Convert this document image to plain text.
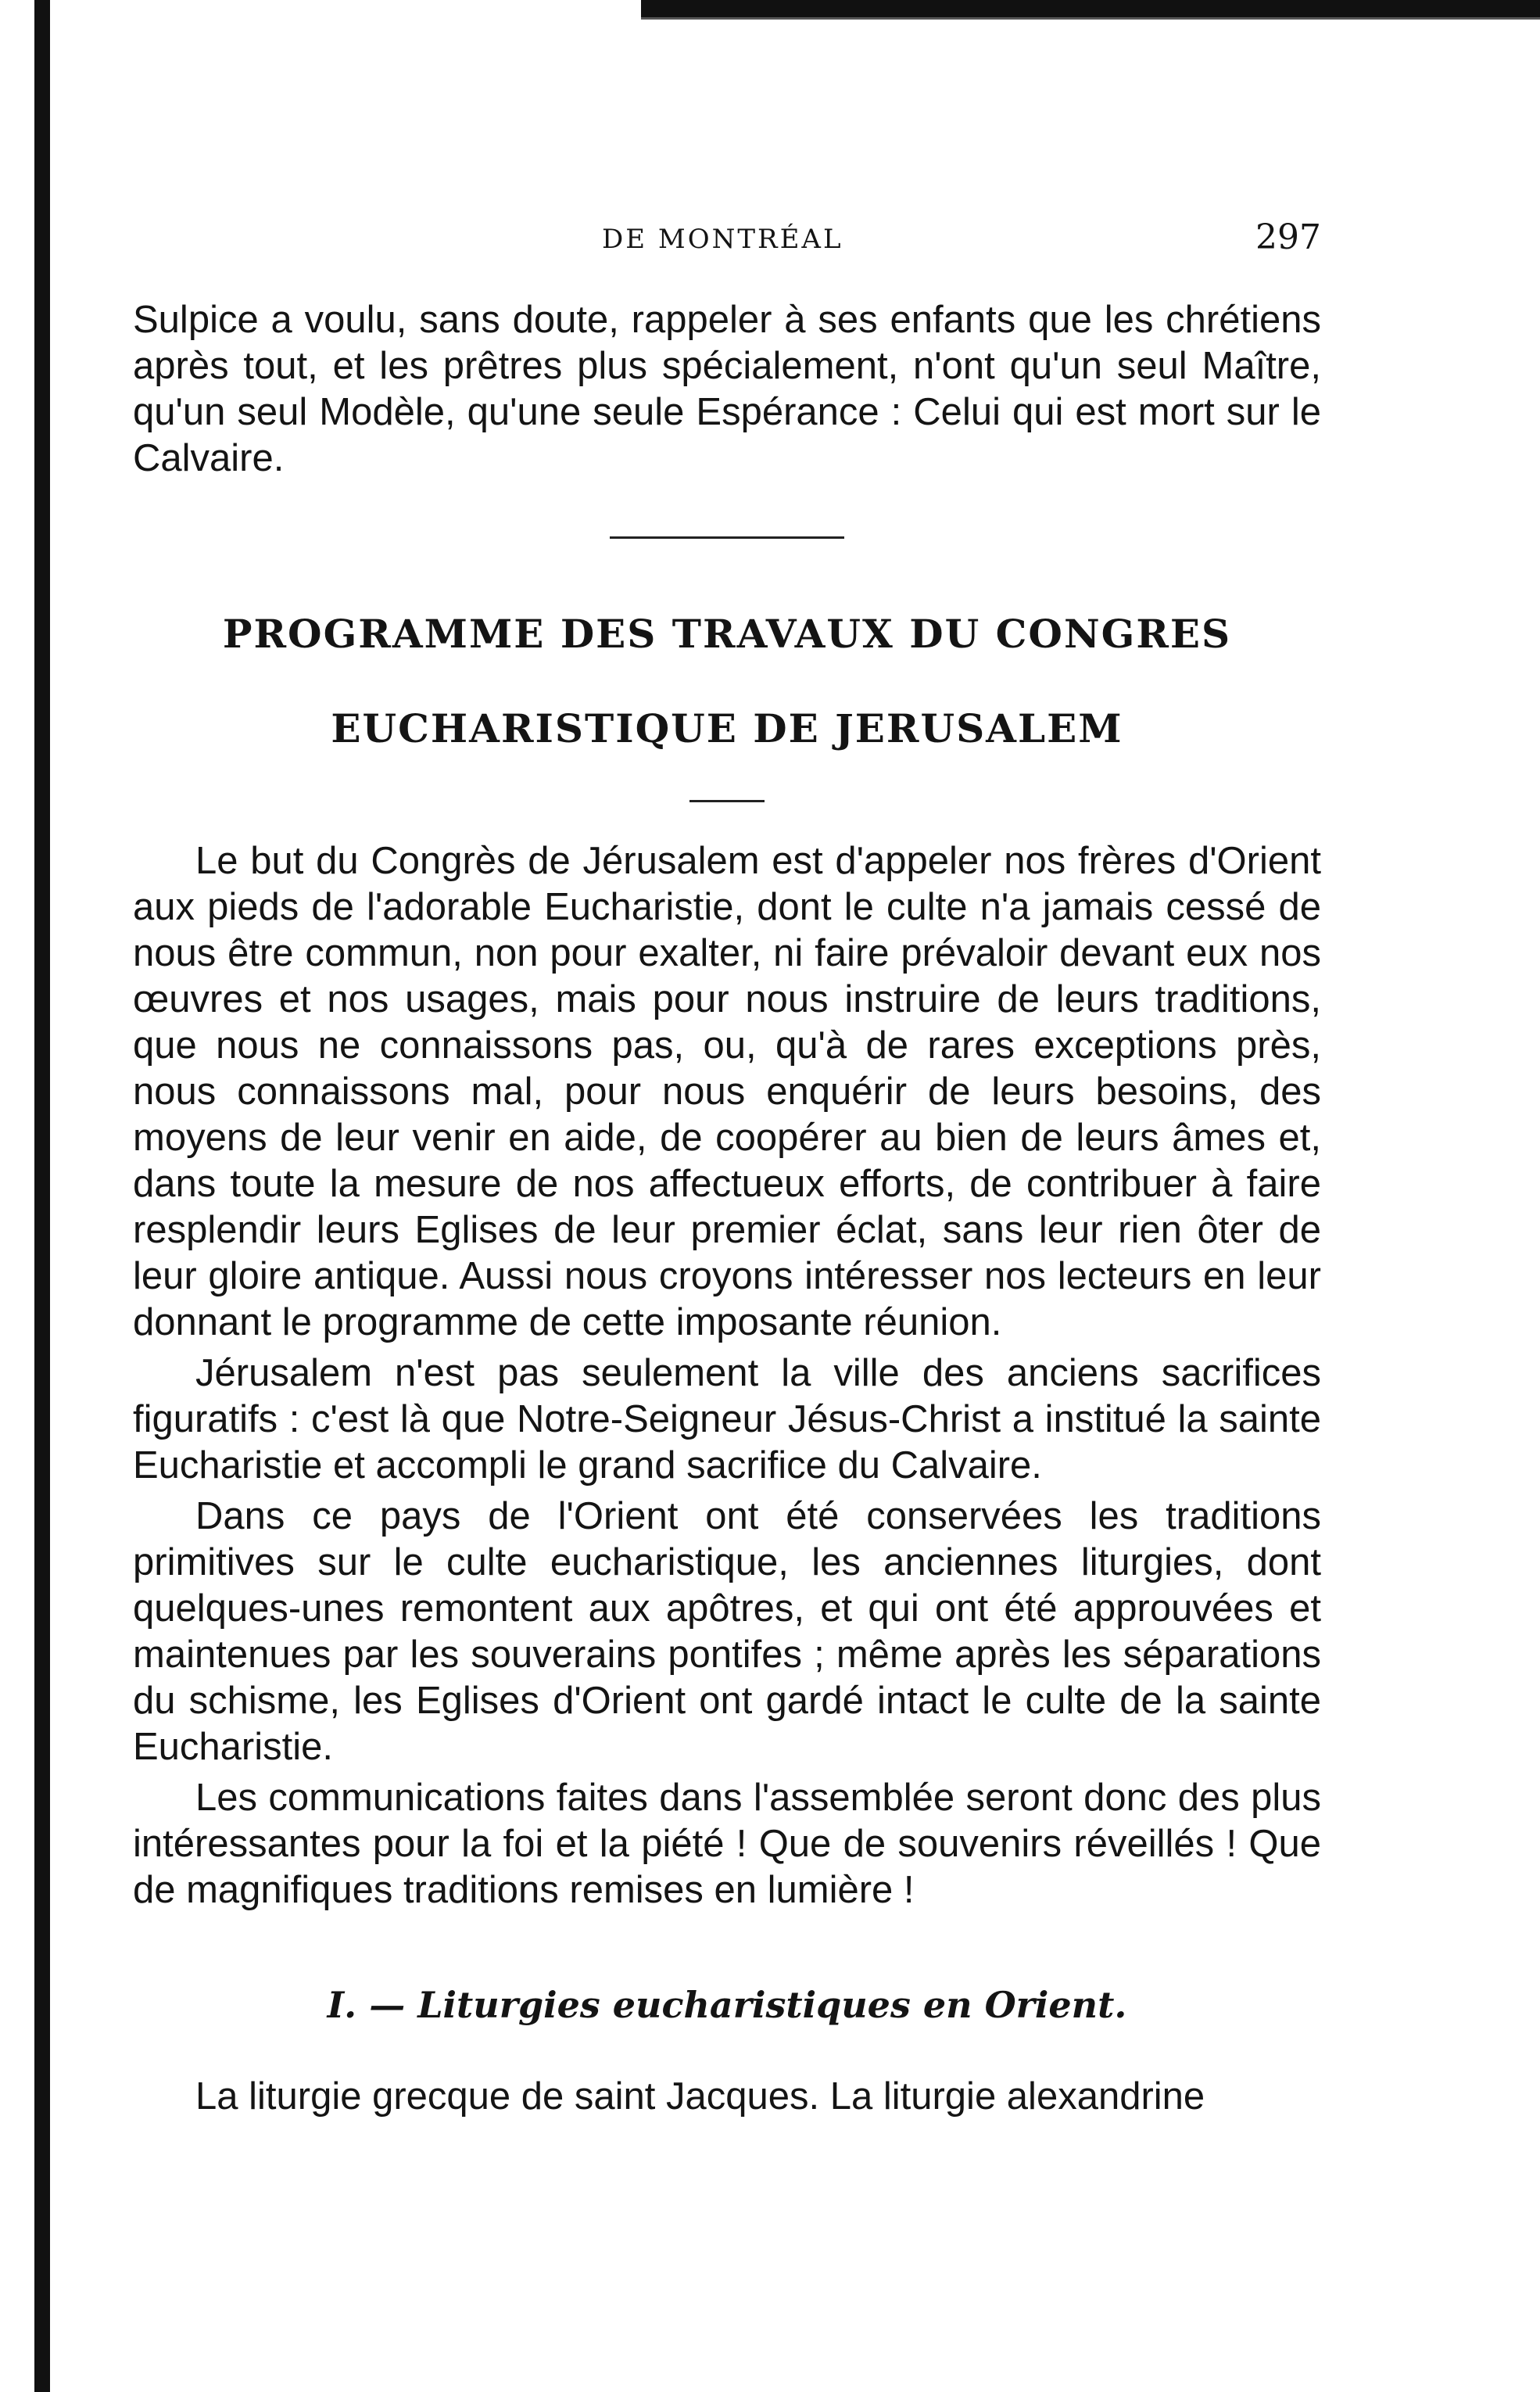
DE MONTRÉAL	297

Sulpice a voulu, sans doute, rappeler à ses enfants que les chrétiens après tout, et les prêtres plus spécialement, n'ont qu'un seul Maître, qu'un seul Modèle, qu'une seule Espérance : Celui qui est mort sur le Calvaire.

PROGRAMME DES TRAVAUX DU CONGRES
EUCHARISTIQUE DE JERUSALEM

Le but du Congrès de Jérusalem est d'appeler nos frères d'Orient aux pieds de l'adorable Eucharistie, dont le culte n'a jamais cessé de nous être commun, non pour exalter, ni faire prévaloir devant eux nos œuvres et nos usages, mais pour nous instruire de leurs traditions, que nous ne connaissons pas, ou, qu'à de rares exceptions près, nous connaissons mal, pour nous enquérir de leurs besoins, des moyens de leur venir en aide, de coopérer au bien de leurs âmes et, dans toute la mesure de nos affectueux efforts, de contribuer à faire resplendir leurs Eglises de leur premier éclat, sans leur rien ôter de leur gloire antique. Aussi nous croyons intéresser nos lecteurs en leur donnant le programme de cette imposante réunion.

Jérusalem n'est pas seulement la ville des anciens sacrifices figuratifs : c'est là que Notre-Seigneur Jésus-Christ a institué la sainte Eucharistie et accompli le grand sacrifice du Calvaire.

Dans ce pays de l'Orient ont été conservées les traditions primitives sur le culte eucharistique, les anciennes liturgies, dont quelques-unes remontent aux apôtres, et qui ont été approuvées et maintenues par les souverains pontifes ; même après les séparations du schisme, les Eglises d'Orient ont gardé intact le culte de la sainte Eucharistie.

Les communications faites dans l'assemblée seront donc des plus intéressantes pour la foi et la piété ! Que de souvenirs réveillés ! Que de magnifiques traditions remises en lumière !

I. — Liturgies eucharistiques en Orient.

La liturgie grecque de saint Jacques. La liturgie alexandrine
